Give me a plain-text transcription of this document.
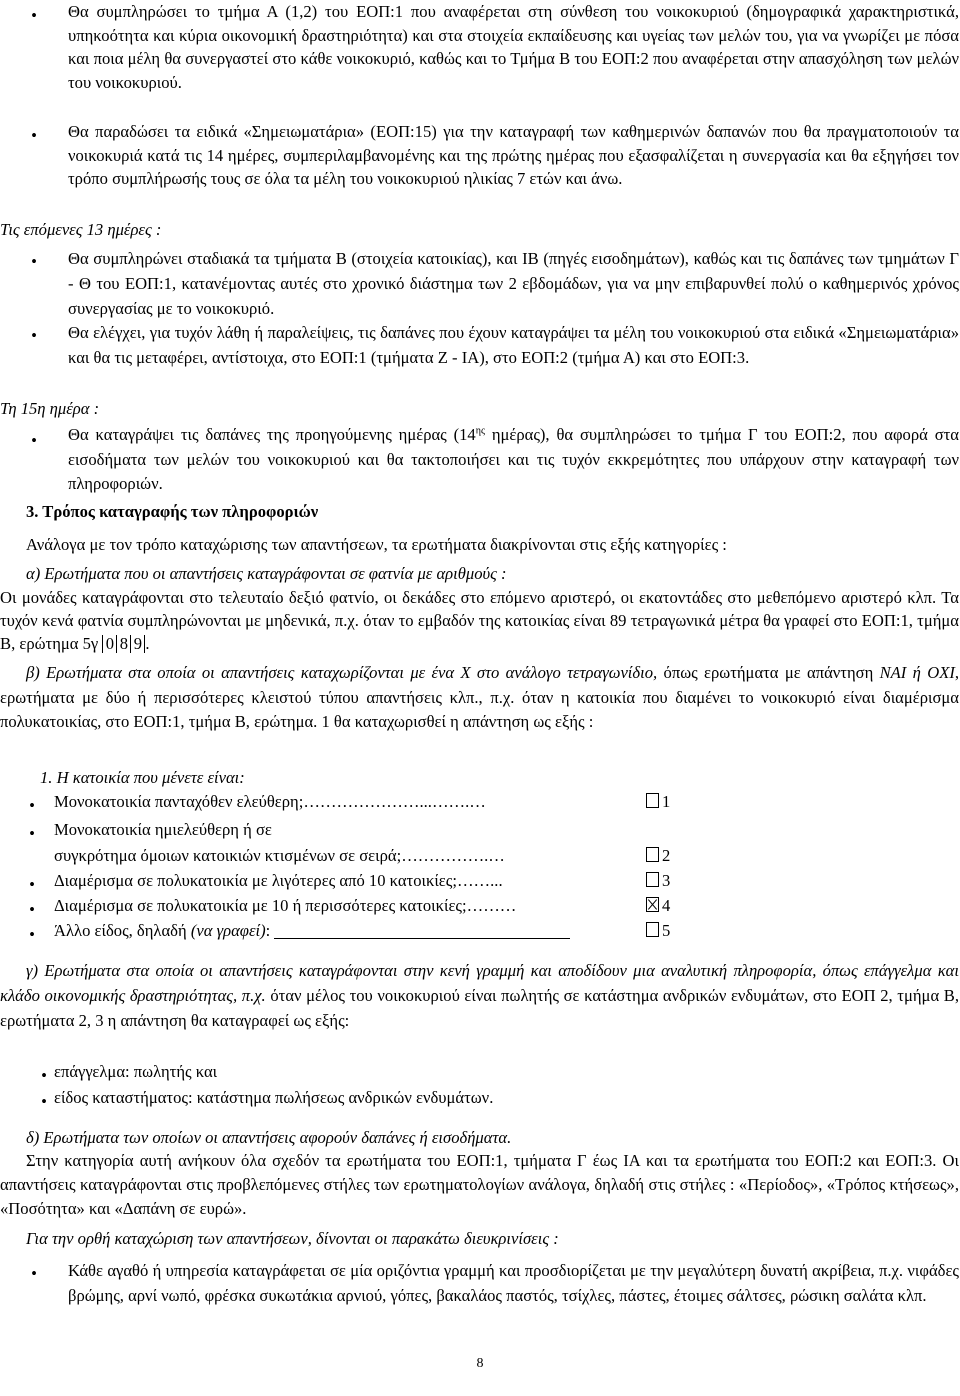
• Θα συμπληρώσει το τμήμα Α (1,2) του ΕΟΠ:1 που αναφέρεται στη σύνθεση του νοικοκυριού (δημογραφικά χαρακτηριστικά, υπηκοότητα και κύρια οικονομική δραστηριότητα) και στα στοιχεία εκπαίδευσης και υγείας των μελών του, για να γνωρίζει με πόσα και ποια μέλη θα συνεργαστεί στο κάθε νοικοκυριό, καθώς και το Τμήμα Β του ΕΟΠ:2 που αναφέρεται στην απασχόληση των μελών του νοικοκυριού.
• Θα παραδώσει τα ειδικά «Σημειωματάρια» (ΕΟΠ:15) για την καταγραφή των καθημερινών δαπανών που θα πραγματοποιούν τα νοικοκυριά κατά τις 14 ημέρες, συμπεριλαμβανομένης και της πρώτης ημέρας που εξασφαλίζεται η συνεργασία και θα εξηγήσει τον τρόπο συμπλήρωσής τους σε όλα τα μέλη του νοικοκυριού ηλικίας 7 ετών και άνω.
Τις επόμενες 13 ημέρες :
• Θα συμπληρώνει σταδιακά τα τμήματα Β (στοιχεία κατοικίας), και ΙΒ (πηγές εισοδημάτων), καθώς και τις δαπάνες των τμημάτων Γ - Θ του ΕΟΠ:1, κατανέμοντας αυτές στο χρονικό διάστημα των 2 εβδομάδων, για να μην επιβαρυνθεί πολύ ο καθημερινός χρόνος συνεργασίας με το νοικοκυριό.
• Θα ελέγχει, για τυχόν λάθη ή παραλείψεις, τις δαπάνες που έχουν καταγράψει τα μέλη του νοικοκυριού στα ειδικά «Σημειωματάρια» και θα τις μεταφέρει, αντίστοιχα, στο ΕΟΠ:1 (τμήματα Ζ - ΙΑ), στο ΕΟΠ:2 (τμήμα Α) και στο ΕΟΠ:3.
Τη 15η ημέρα :
• Θα καταγράψει τις δαπάνες της προηγούμενης ημέρας ($14^{\eta\varsigma}$ ημέρας), θα συμπληρώσει το τμήμα Γ του ΕΟΠ:2, που αφορά στα εισοδήματα των μελών του νοικοκυριού και θα τακτοποιήσει και τις τυχόν εκκρεμότητες που υπάρχουν στην καταγραφή των πληροφοριών.
3. Τρόπος καταγραφής των πληροφοριών
Ανάλογα με τον τρόπο καταχώρισης των απαντήσεων, τα ερωτήματα διακρίνονται στις εξής κατηγορίες :
α) Ερωτήματα που οι απαντήσεις καταγράφονται σε φατνία με αριθμούς :
Οι μονάδες καταγράφονται στο τελευταίο δεξιό φατνίο, οι δεκάδες στο επόμενο αριστερό, οι εκατοντάδες στο μεθεπόμενο αριστερό κλπ. Τα τυχόν κενά φατνία συμπληρώνονται με μηδενικά, π.χ. όταν το εμβαδόν της κατοικίας είναι 89 τετραγωνικά μέτρα θα γραφεί στο ΕΟΠ:1, τμήμα Β, ερώτημα 5γ 0 8 9 .
β) Ερωτήματα στα οποία οι απαντήσεις καταχωρίζονται με ένα Χ στο ανάλογο τετραγωνίδιο, όπως ερωτήματα με απάντηση ΝΑΙ ή ΟΧΙ, ερωτήματα με δύο ή περισσότερες κλειστού τύπου απαντήσεις κλπ., π.χ. όταν η κατοικία που διαμένει το νοικοκυριό είναι διαμέρισμα πολυκατοικίας, στο ΕΟΠ:1, τμήμα Β, ερώτημα. 1 θα καταχωρισθεί η απάντηση ως εξής :
1. Η κατοικία που μένετε είναι:
• Μονοκατοικία πανταχόθεν ελεύθερη;…………………...…….…	1
• Μονοκατοικία ημιελεύθερη ή σε
συγκρότημα όμοιων κατοικιών κτισμένων σε σειρά;…………….…	2
• Διαμέρισμα σε πολυκατοικία με λιγότερες από 10 κατοικίες;……...	3
• Διαμέρισμα σε πολυκατοικία με 10 ή περισσότερες κατοικίες;………	4
• Άλλο είδος, δηλαδή (να γραφεί):	5
γ) Ερωτήματα στα οποία οι απαντήσεις καταγράφονται στην κενή γραμμή και αποδίδουν μια αναλυτική πληροφορία, όπως επάγγελμα και κλάδο οικονομικής δραστηριότητας, π.χ. όταν μέλος του νοικοκυριού είναι πωλητής σε κατάστημα ανδρικών ενδυμάτων, στο ΕΟΠ 2, τμήμα Β, ερωτήματα 2, 3 η απάντηση θα καταγραφεί ως εξής:
• επάγγελμα: πωλητής και
• είδος καταστήματος: κατάστημα πωλήσεως ανδρικών ενδυμάτων.
δ) Ερωτήματα των οποίων οι απαντήσεις αφορούν δαπάνες ή εισοδήματα.
Στην κατηγορία αυτή ανήκουν όλα σχεδόν τα ερωτήματα του ΕΟΠ:1, τμήματα Γ έως ΙΑ και τα ερωτήματα του ΕΟΠ:2 και ΕΟΠ:3. Οι απαντήσεις καταγράφονται στις προβλεπόμενες στήλες των ερωτηματολογίων ανάλογα, δηλαδή στις στήλες : «Περίοδος», «Τρόπος κτήσεως», «Ποσότητα» και «Δαπάνη σε ευρώ».
Για την ορθή καταχώριση των απαντήσεων, δίνονται οι παρακάτω διευκρινίσεις :
• Κάθε αγαθό ή υπηρεσία καταγράφεται σε μία οριζόντια γραμμή και προσδιορίζεται με την μεγαλύτερη δυνατή ακρίβεια, π.χ. νιφάδες βρώμης, αρνί νωπό, φρέσκα συκωτάκια αρνιού, γόπες, βακαλάος παστός, τσίχλες, πάστες, έτοιμες σάλτσες, ρώσικη σαλάτα κλπ.
8
